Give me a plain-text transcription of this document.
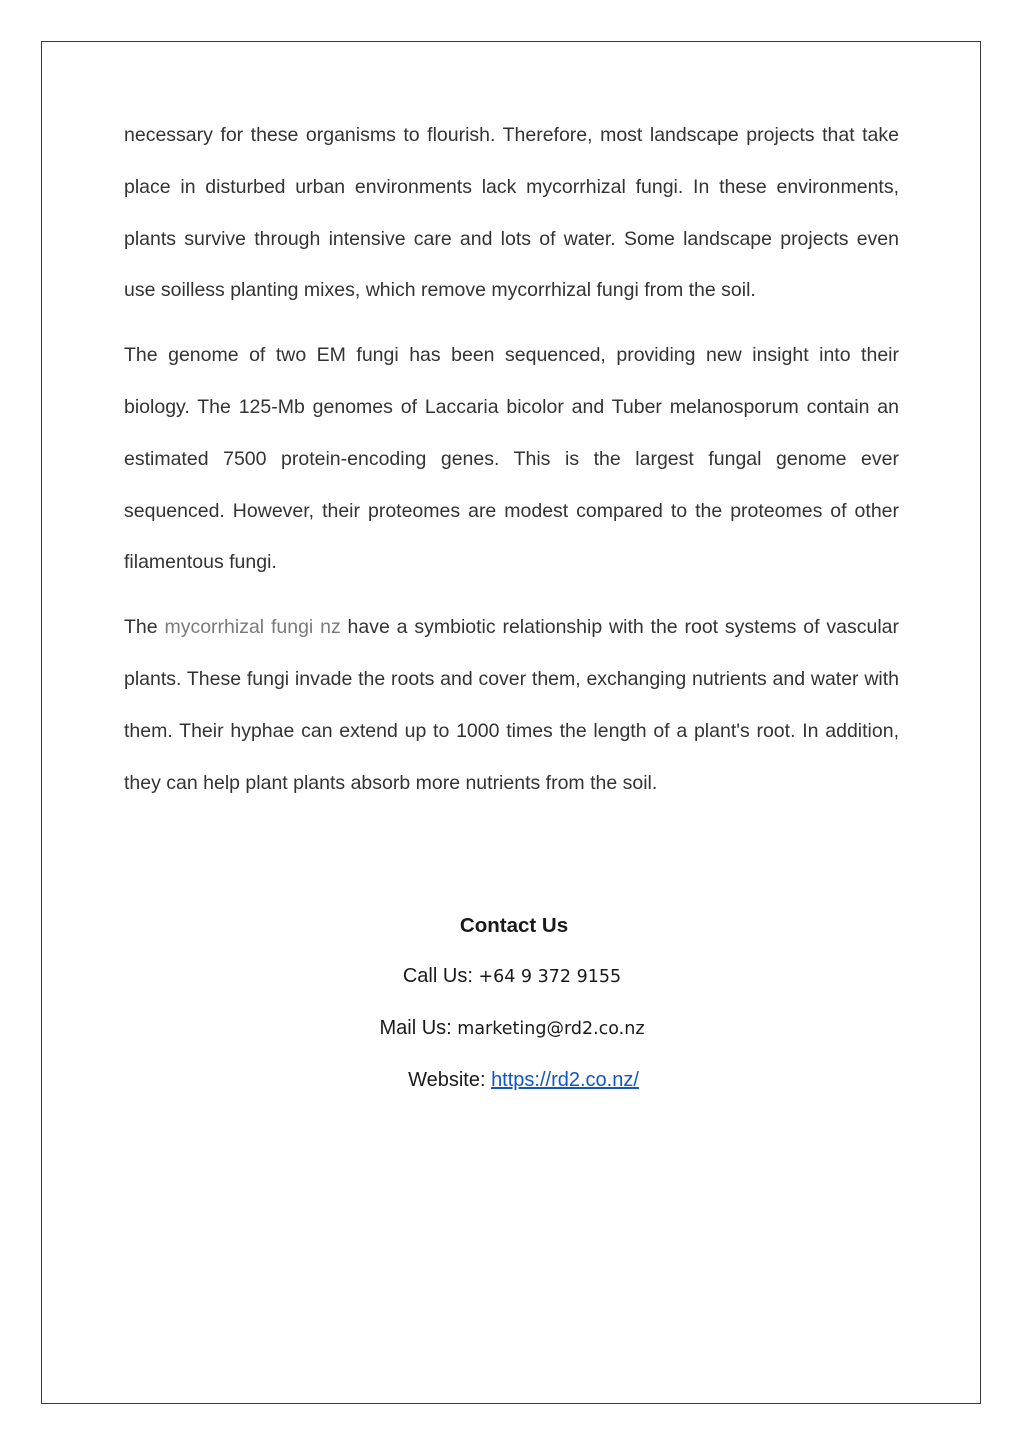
necessary for these organisms to flourish. Therefore, most landscape projects that take place in disturbed urban environments lack mycorrhizal fungi. In these environments, plants survive through intensive care and lots of water. Some landscape projects even use soilless planting mixes, which remove mycorrhizal fungi from the soil.

The genome of two EM fungi has been sequenced, providing new insight into their biology. The 125-Mb genomes of Laccaria bicolor and Tuber melanosporum contain an estimated 7500 protein-encoding genes. This is the largest fungal genome ever sequenced. However, their proteomes are modest compared to the proteomes of other filamentous fungi.

The mycorrhizal fungi nz have a symbiotic relationship with the root systems of vascular plants. These fungi invade the roots and cover them, exchanging nutrients and water with them. Their hyphae can extend up to 1000 times the length of a plant's root. In addition, they can help plant plants absorb more nutrients from the soil.

Contact Us
Call Us: +64 9 372 9155
Mail Us: marketing@rd2.co.nz
Website: https://rd2.co.nz/
